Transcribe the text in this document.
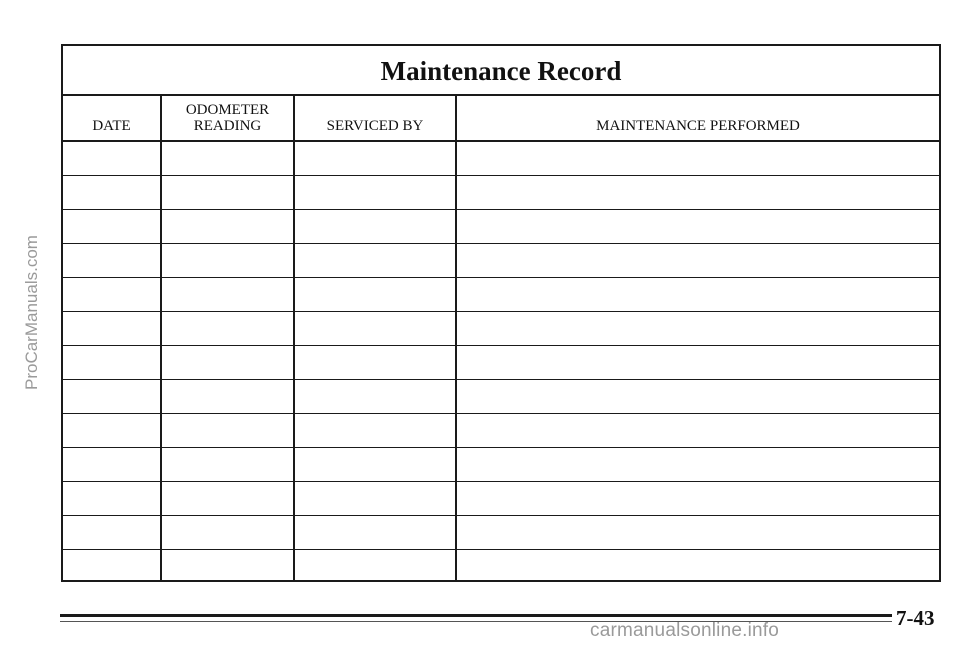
ProCarManuals.com
Maintenance Record
DATE
ODOMETER
READING	SERVICED BY	MAINTENANCE PERFORMED
7-43
carmanualsonline.info
